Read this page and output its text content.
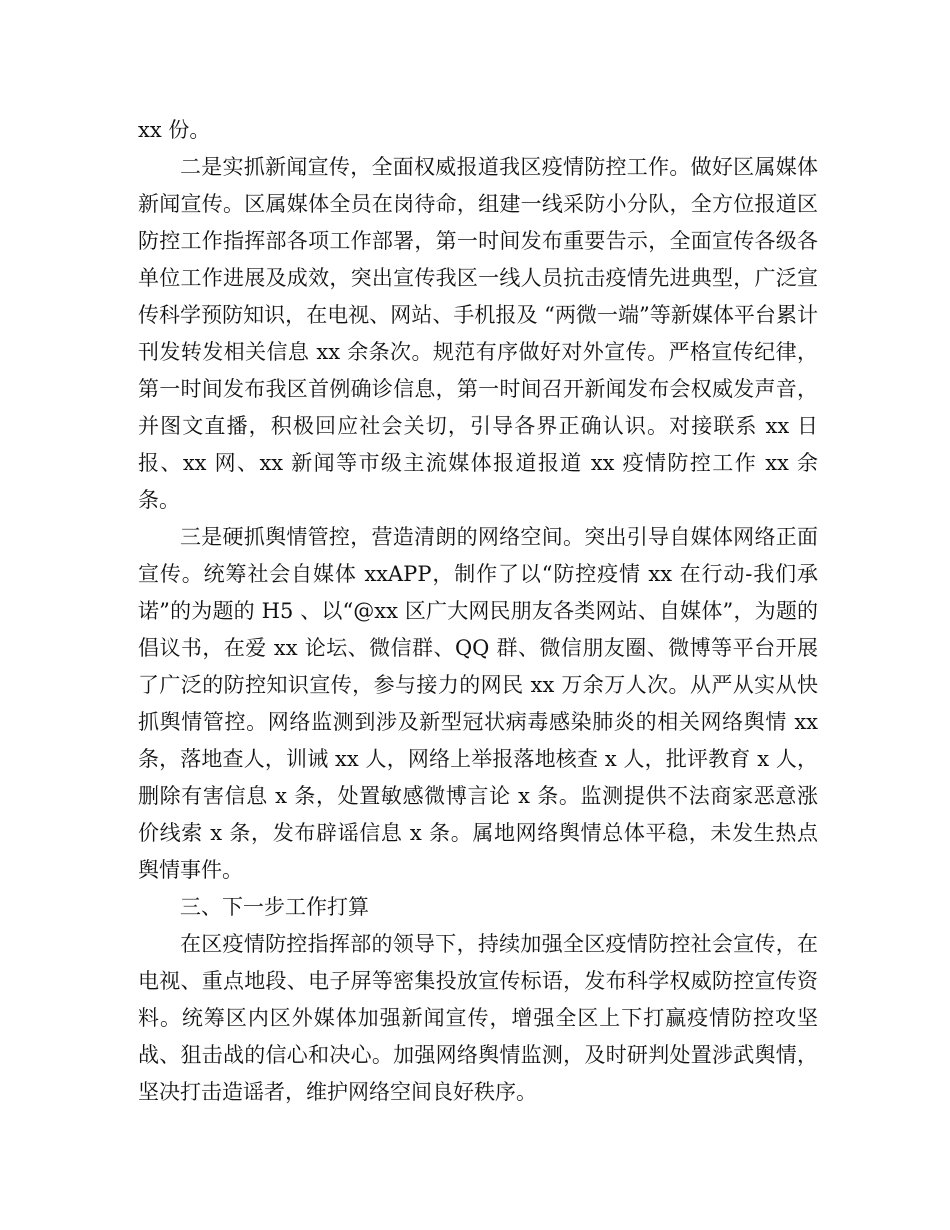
xx 份。

二是实抓新闻宣传，全面权威报道我区疫情防控工作。做好区属媒体新闻宣传。区属媒体全员在岗待命，组建一线采防小分队，全方位报道区防控工作指挥部各项工作部署，第一时间发布重要告示，全面宣传各级各单位工作进展及成效，突出宣传我区一线人员抗击疫情先进典型，广泛宣传科学预防知识，在电视、网站、手机报及 “两微一端”等新媒体平台累计刊发转发相关信息 xx 余条次。规范有序做好对外宣传。严格宣传纪律，第一时间发布我区首例确诊信息，第一时间召开新闻发布会权威发声音，并图文直播，积极回应社会关切，引导各界正确认识。对接联系 xx 日报、xx 网、xx 新闻等市级主流媒体报道报道 xx 疫情防控工作 xx 余条。

三是硬抓舆情管控，营造清朗的网络空间。突出引导自媒体网络正面宣传。统筹社会自媒体 xxAPP，制作了以“防控疫情 xx 在行动-我们承诺”的为题的 H5 、以“@xx 区广大网民朋友各类网站、自媒体”，为题的倡议书，在爱 xx 论坛、微信群、QQ 群、微信朋友圈、微博等平台开展了广泛的防控知识宣传，参与接力的网民 xx 万余万人次。从严从实从快抓舆情管控。网络监测到涉及新型冠状病毒感染肺炎的相关网络舆情 xx 条，落地查人，训诫 xx 人，网络上举报落地核查 x 人，批评教育 x 人，删除有害信息 x 条，处置敏感微博言论 x 条。监测提供不法商家恶意涨价线索 x 条，发布辟谣信息 x 条。属地网络舆情总体平稳，未发生热点舆情事件。

三、下一步工作打算

在区疫情防控指挥部的领导下，持续加强全区疫情防控社会宣传，在电视、重点地段、电子屏等密集投放宣传标语，发布科学权威防控宣传资料。统筹区内区外媒体加强新闻宣传，增强全区上下打赢疫情防控攻坚战、狙击战的信心和决心。加强网络舆情监测，及时研判处置涉武舆情，坚决打击造谣者，维护网络空间良好秩序。
